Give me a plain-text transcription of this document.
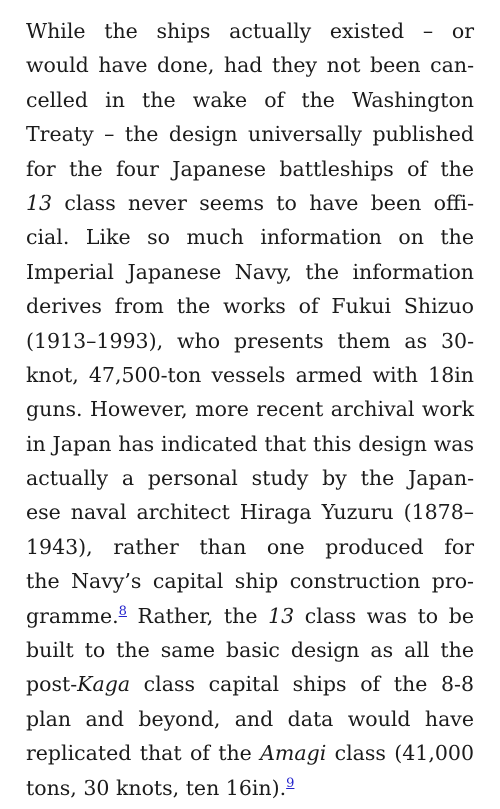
While the ships actually existed – or
would have done, had they not been can-
celled in the wake of the Washington
Treaty – the design universally published
for the four Japanese battleships of the
13 class never seems to have been offi-
cial. Like so much information on the
Imperial Japanese Navy, the information
derives from the works of Fukui Shizuo
(1913–1993), who presents them as 30-
knot, 47,500-ton vessels armed with 18in
guns. However, more recent archival work
in Japan has indicated that this design was
actually a personal study by the Japan-
ese naval architect Hiraga Yuzuru (1878–
1943), rather than one produced for
the Navy’s capital ship construction pro-
gramme.$^8$ Rather, the 13 class was to be
built to the same basic design as all the
post-Kaga class capital ships of the 8-8
plan and beyond, and data would have
replicated that of the Amagi class (41,000
tons, 30 knots, ten 16in).$^9$
